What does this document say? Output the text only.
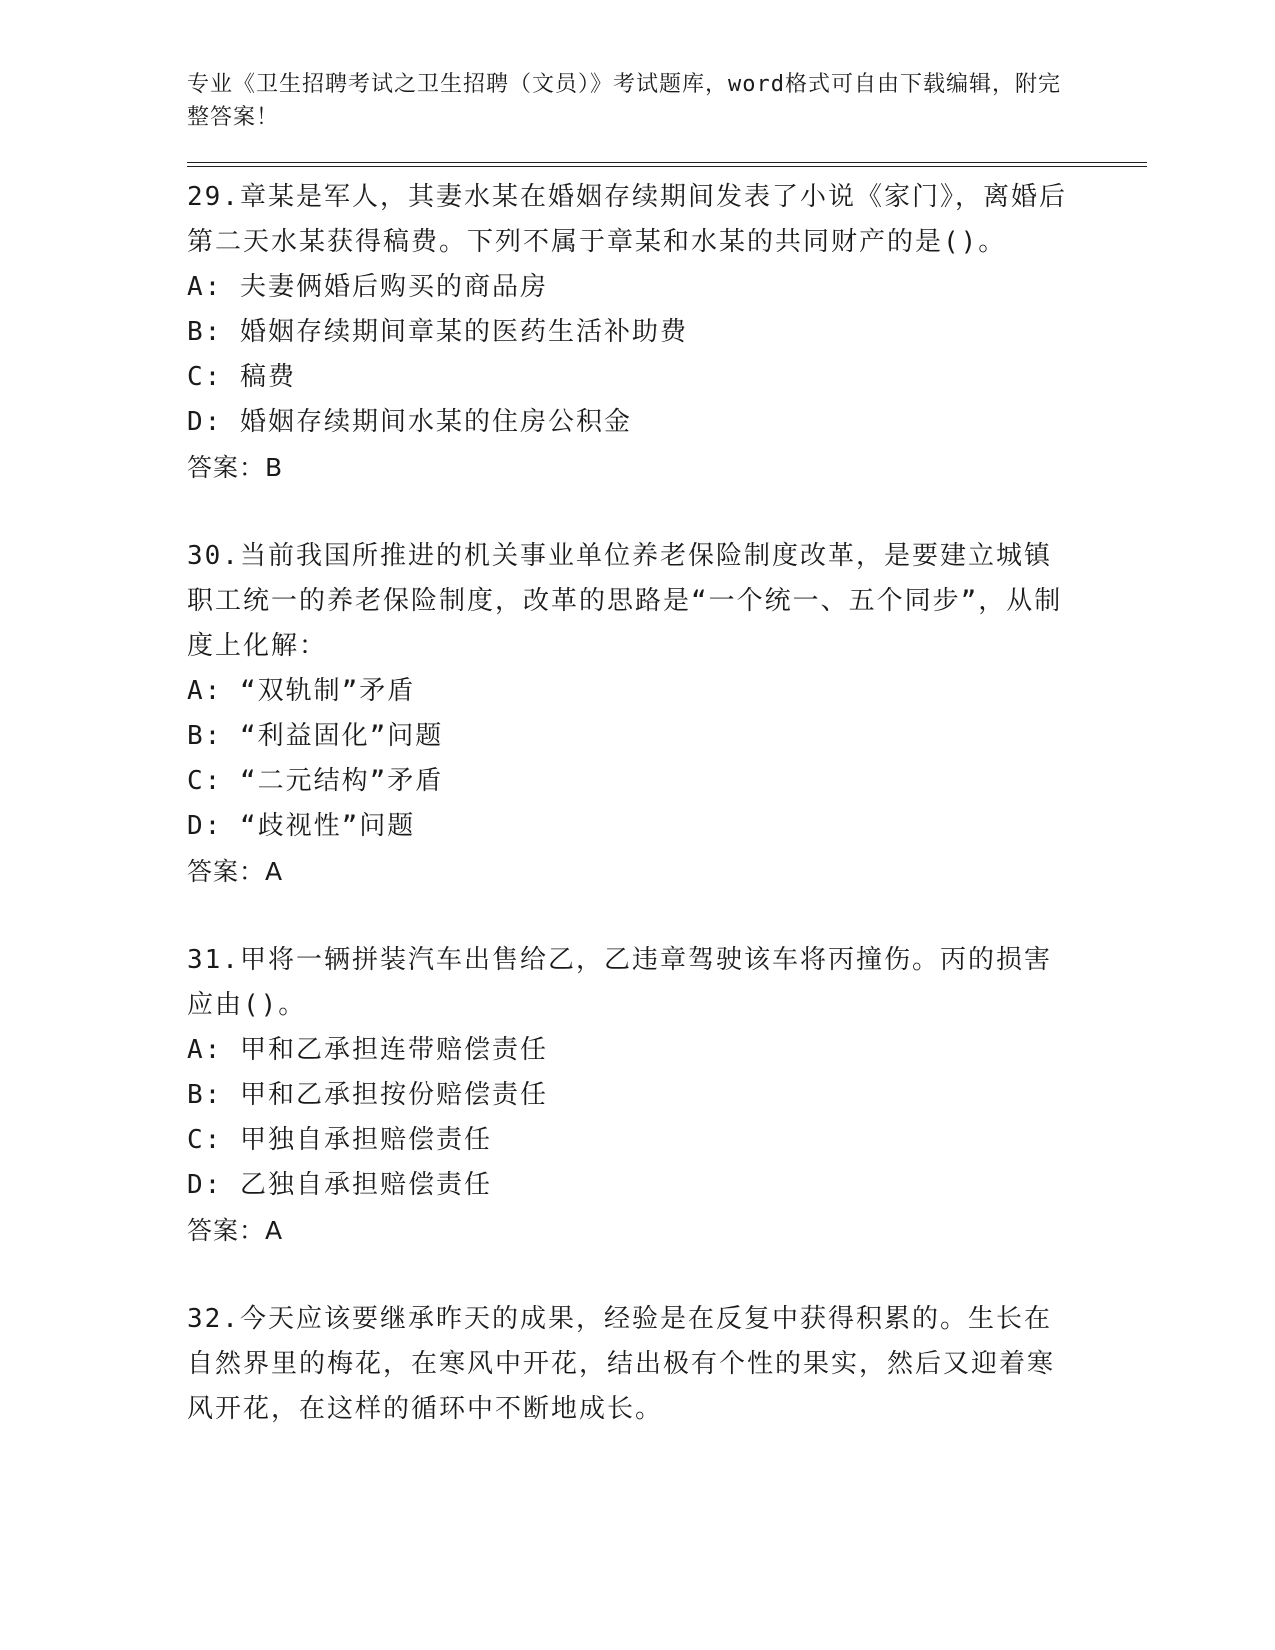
专业《卫生招聘考试之卫生招聘（文员）》考试题库，word格式可自由下载编辑，附完整答案！

29.章某是军人，其妻水某在婚姻存续期间发表了小说《家门》，离婚后第二天水某获得稿费。下列不属于章某和水某的共同财产的是()。

A: 夫妻俩婚后购买的商品房

B: 婚姻存续期间章某的医药生活补助费

C: 稿费

D: 婚姻存续期间水某的住房公积金

答案：B

30.当前我国所推进的机关事业单位养老保险制度改革，是要建立城镇职工统一的养老保险制度，改革的思路是“一个统一、五个同步”，从制度上化解：

A: “双轨制”矛盾

B: “利益固化”问题

C: “二元结构”矛盾

D: “歧视性”问题

答案：A

31.甲将一辆拼装汽车出售给乙，乙违章驾驶该车将丙撞伤。丙的损害应由()。

A: 甲和乙承担连带赔偿责任

B: 甲和乙承担按份赔偿责任

C: 甲独自承担赔偿责任

D: 乙独自承担赔偿责任

答案：A

32.今天应该要继承昨天的成果，经验是在反复中获得积累的。生长在自然界里的梅花，在寒风中开花，结出极有个性的果实，然后又迎着寒风开花，在这样的循环中不断地成长。
